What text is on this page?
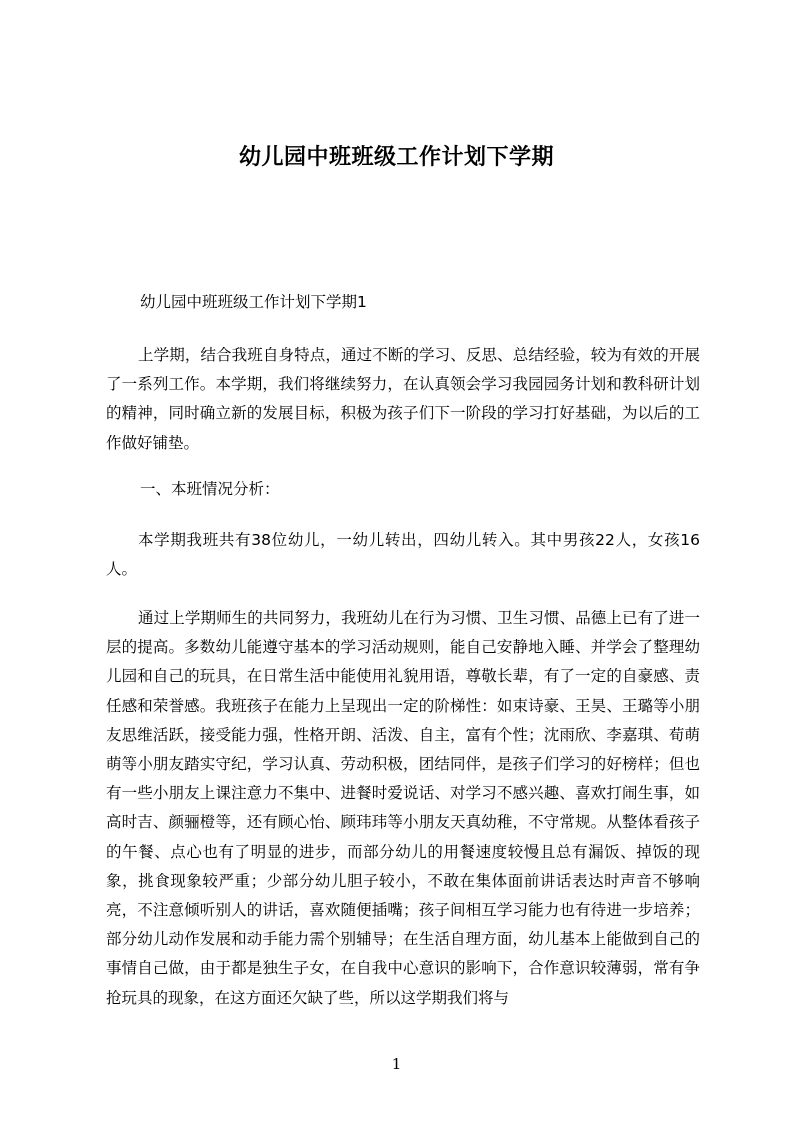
幼儿园中班班级工作计划下学期
幼儿园中班班级工作计划下学期1
上学期，结合我班自身特点，通过不断的学习、反思、总结经验，较为有效的开展了一系列工作。本学期，我们将继续努力，在认真领会学习我园园务计划和教科研计划的精神，同时确立新的发展目标，积极为孩子们下一阶段的学习打好基础，为以后的工作做好铺垫。
一、本班情况分析：
本学期我班共有38位幼儿，一幼儿转出，四幼儿转入。其中男孩22人，女孩16人。
通过上学期师生的共同努力，我班幼儿在行为习惯、卫生习惯、品德上已有了进一层的提高。多数幼儿能遵守基本的学习活动规则，能自己安静地入睡、并学会了整理幼儿园和自己的玩具，在日常生活中能使用礼貌用语，尊敬长辈，有了一定的自豪感、责任感和荣誉感。我班孩子在能力上呈现出一定的阶梯性：如束诗豪、王昊、王璐等小朋友思维活跃，接受能力强，性格开朗、活泼、自主，富有个性；沈雨欣、李嘉琪、荀萌萌等小朋友踏实守纪，学习认真、劳动积极，团结同伴，是孩子们学习的好榜样；但也有一些小朋友上课注意力不集中、进餐时爱说话、对学习不感兴趣、喜欢打闹生事，如高时吉、颜骊橙等，还有顾心怡、顾玮玮等小朋友天真幼稚，不守常规。从整体看孩子的午餐、点心也有了明显的进步，而部分幼儿的用餐速度较慢且总有漏饭、掉饭的现象，挑食现象较严重；少部分幼儿胆子较小，不敢在集体面前讲话表达时声音不够响亮，不注意倾听别人的讲话，喜欢随便插嘴；孩子间相互学习能力也有待进一步培养；部分幼儿动作发展和动手能力需个别辅导；在生活自理方面，幼儿基本上能做到自己的事情自己做，由于都是独生子女，在自我中心意识的影响下，合作意识较薄弱，常有争抢玩具的现象，在这方面还欠缺了些，所以这学期我们将与
1
